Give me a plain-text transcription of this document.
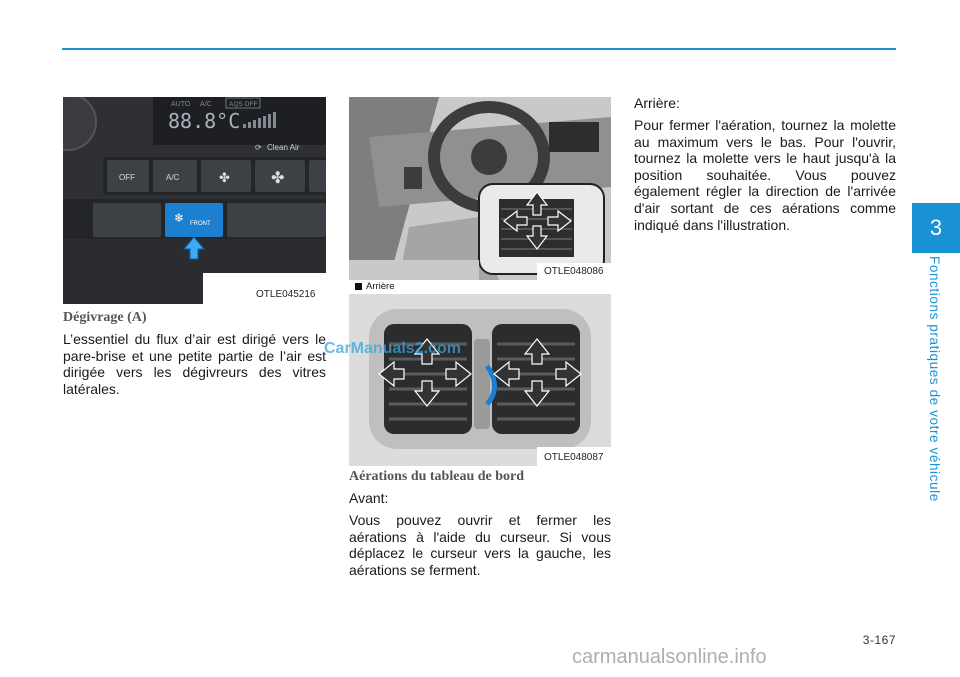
3
Fonctions pratiques de votre véhicule
AUTO A/C	AQS OFF
88.8°C
⟳ Clean Air
OFF	A/C	✤	✤
❄ FRONT
OTLE045216
Dégivrage (A)
L’essentiel du flux d’air est dirigé vers le pare-brise et une petite partie de l’air est dirigée vers les dégivreurs des vitres latérales.
OTLE048086
Arrière
OTLE048087
Aérations du tableau de bord
Avant:
Vous pouvez ouvrir et fermer les aérations à l'aide du curseur. Si vous déplacez le curseur vers la gauche, les aérations se ferment.
Arrière:
Pour fermer l'aération, tournez la molette au maximum vers le bas. Pour l'ouvrir, tournez la molette vers le haut jusqu'à la position souhaitée. Vous pouvez également régler la direction de l'arrivée d'air sortant de ces aérations comme indiqué dans l'illustration.
3-167
CarManuals2.com
carmanualsonline.info
